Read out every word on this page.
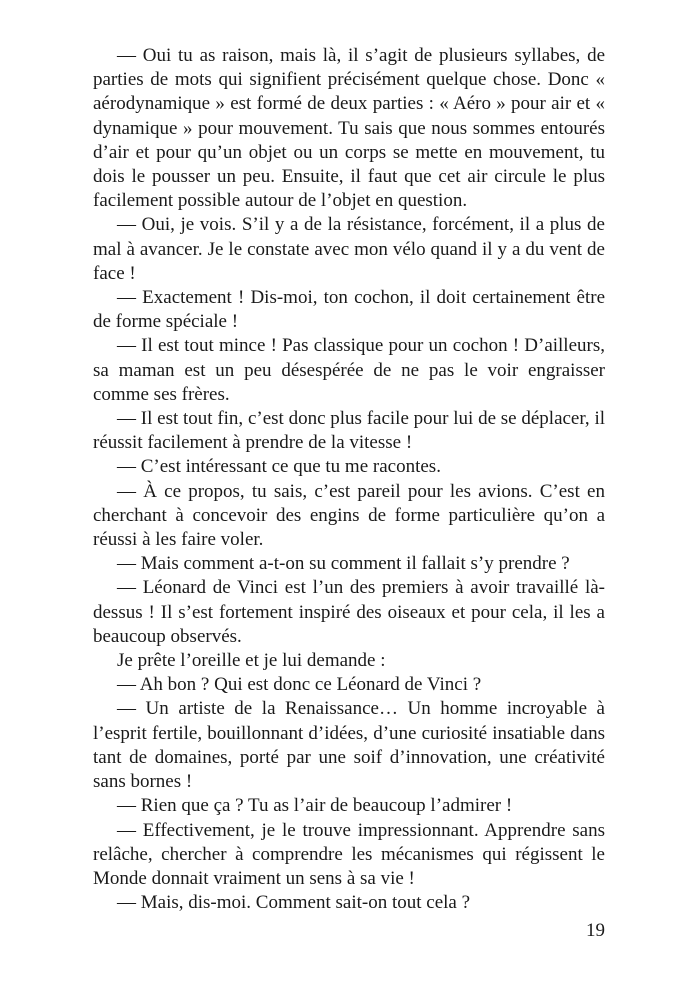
— Oui tu as raison, mais là, il s’agit de plusieurs syllabes, de parties de mots qui signifient précisément quelque chose. Donc « aérodynamique » est formé de deux parties : « Aéro » pour air et « dynamique » pour mouvement. Tu sais que nous sommes entourés d’air et pour qu’un objet ou un corps se mette en mouvement, tu dois le pousser un peu. Ensuite, il faut que cet air circule le plus facilement possible autour de l’objet en question.

— Oui, je vois. S’il y a de la résistance, forcément, il a plus de mal à avancer. Je le constate avec mon vélo quand il y a du vent de face !

— Exactement ! Dis-moi, ton cochon, il doit certainement être de forme spéciale !

— Il est tout mince ! Pas classique pour un cochon ! D’ailleurs, sa maman est un peu désespérée de ne pas le voir engraisser comme ses frères.

— Il est tout fin, c’est donc plus facile pour lui de se déplacer, il réussit facilement à prendre de la vitesse !

— C’est intéressant ce que tu me racontes.

— À ce propos, tu sais, c’est pareil pour les avions. C’est en cherchant à concevoir des engins de forme particulière qu’on a réussi à les faire voler.

— Mais comment a-t-on su comment il fallait s’y prendre ?

— Léonard de Vinci est l’un des premiers à avoir travaillé là-dessus ! Il s’est fortement inspiré des oiseaux et pour cela, il les a beaucoup observés.

Je prête l’oreille et je lui demande :

— Ah bon ? Qui est donc ce Léonard de Vinci ?

— Un artiste de la Renaissance… Un homme incroyable à l’esprit fertile, bouillonnant d’idées, d’une curiosité insatiable dans tant de domaines, porté par une soif d’innovation, une créativité sans bornes !

— Rien que ça ? Tu as l’air de beaucoup l’admirer !

— Effectivement, je le trouve impressionnant. Apprendre sans relâche, chercher à comprendre les mécanismes qui régissent le Monde donnait vraiment un sens à sa vie !

— Mais, dis-moi. Comment sait-on tout cela ?

19
